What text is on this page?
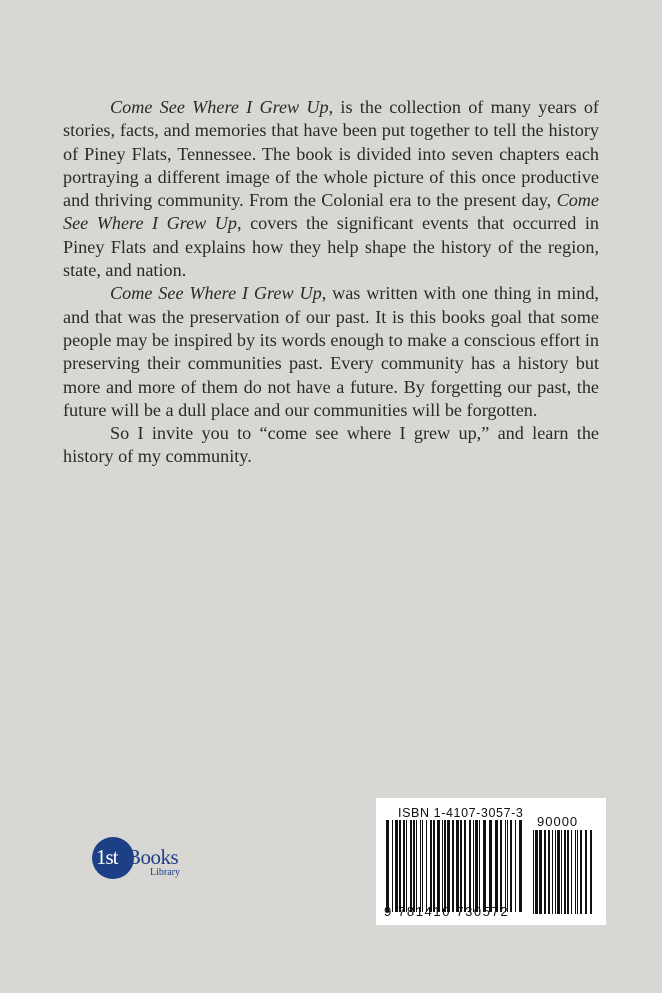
Come See Where I Grew Up, is the collection of many years of stories, facts, and memories that have been put together to tell the history of Piney Flats, Tennessee. The book is divided into seven chapters each portraying a different image of the whole picture of this once productive and thriving community. From the Colonial era to the present day, Come See Where I Grew Up, covers the significant events that occurred in Piney Flats and explains how they help shape the history of the region, state, and nation.

Come See Where I Grew Up, was written with one thing in mind, and that was the preservation of our past. It is this books goal that some people may be inspired by its words enough to make a conscious effort in preserving their communities past. Every community has a history but more and more of them do not have a future. By forgetting our past, the future will be a dull place and our communities will be forgotten.

So I invite you to “come see where I grew up,” and learn the history of my community.

1st Books
Library
ISBN 1-4107-3057-3
90000
9 781410 730572
